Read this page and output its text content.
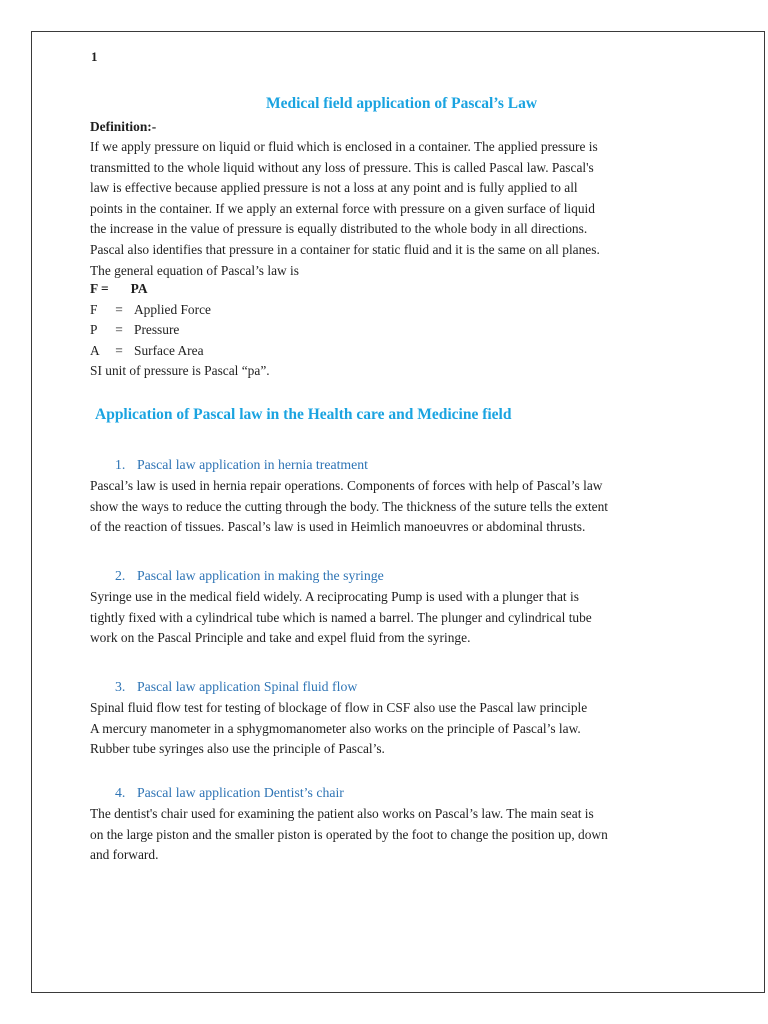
1
Medical field application of Pascal’s Law
Definition:-
If we apply pressure on liquid or fluid which is enclosed in a container. The applied pressure is
transmitted to the whole liquid without any loss of pressure. This is called Pascal law. Pascal's
law is effective because applied pressure is not a loss at any point and is fully applied to all
points in the container. If we apply an external force with pressure on a given surface of liquid
the increase in the value of pressure is equally distributed to the whole body in all directions.
Pascal also identifies that pressure in a container for static fluid and it is the same on all planes.
The general equation of Pascal’s law is
F = PA
F = Applied Force
P = Pressure
A = Surface Area
SI unit of pressure is Pascal “pa”.
Application of Pascal law in the Health care and Medicine field
1. Pascal law application in hernia treatment
Pascal’s law is used in hernia repair operations. Components of forces with help of Pascal’s law
show the ways to reduce the cutting through the body. The thickness of the suture tells the extent
of the reaction of tissues. Pascal’s law is used in Heimlich manoeuvres or abdominal thrusts.
2. Pascal law application in making the syringe
Syringe use in the medical field widely. A reciprocating Pump is used with a plunger that is
tightly fixed with a cylindrical tube which is named a barrel. The plunger and cylindrical tube
work on the Pascal Principle and take and expel fluid from the syringe.
3. Pascal law application Spinal fluid flow
Spinal fluid flow test for testing of blockage of flow in CSF also use the Pascal law principle
A mercury manometer in a sphygmomanometer also works on the principle of Pascal’s law.
Rubber tube syringes also use the principle of Pascal’s.
4. Pascal law application Dentist’s chair
The dentist's chair used for examining the patient also works on Pascal’s law. The main seat is
on the large piston and the smaller piston is operated by the foot to change the position up, down
and forward.
